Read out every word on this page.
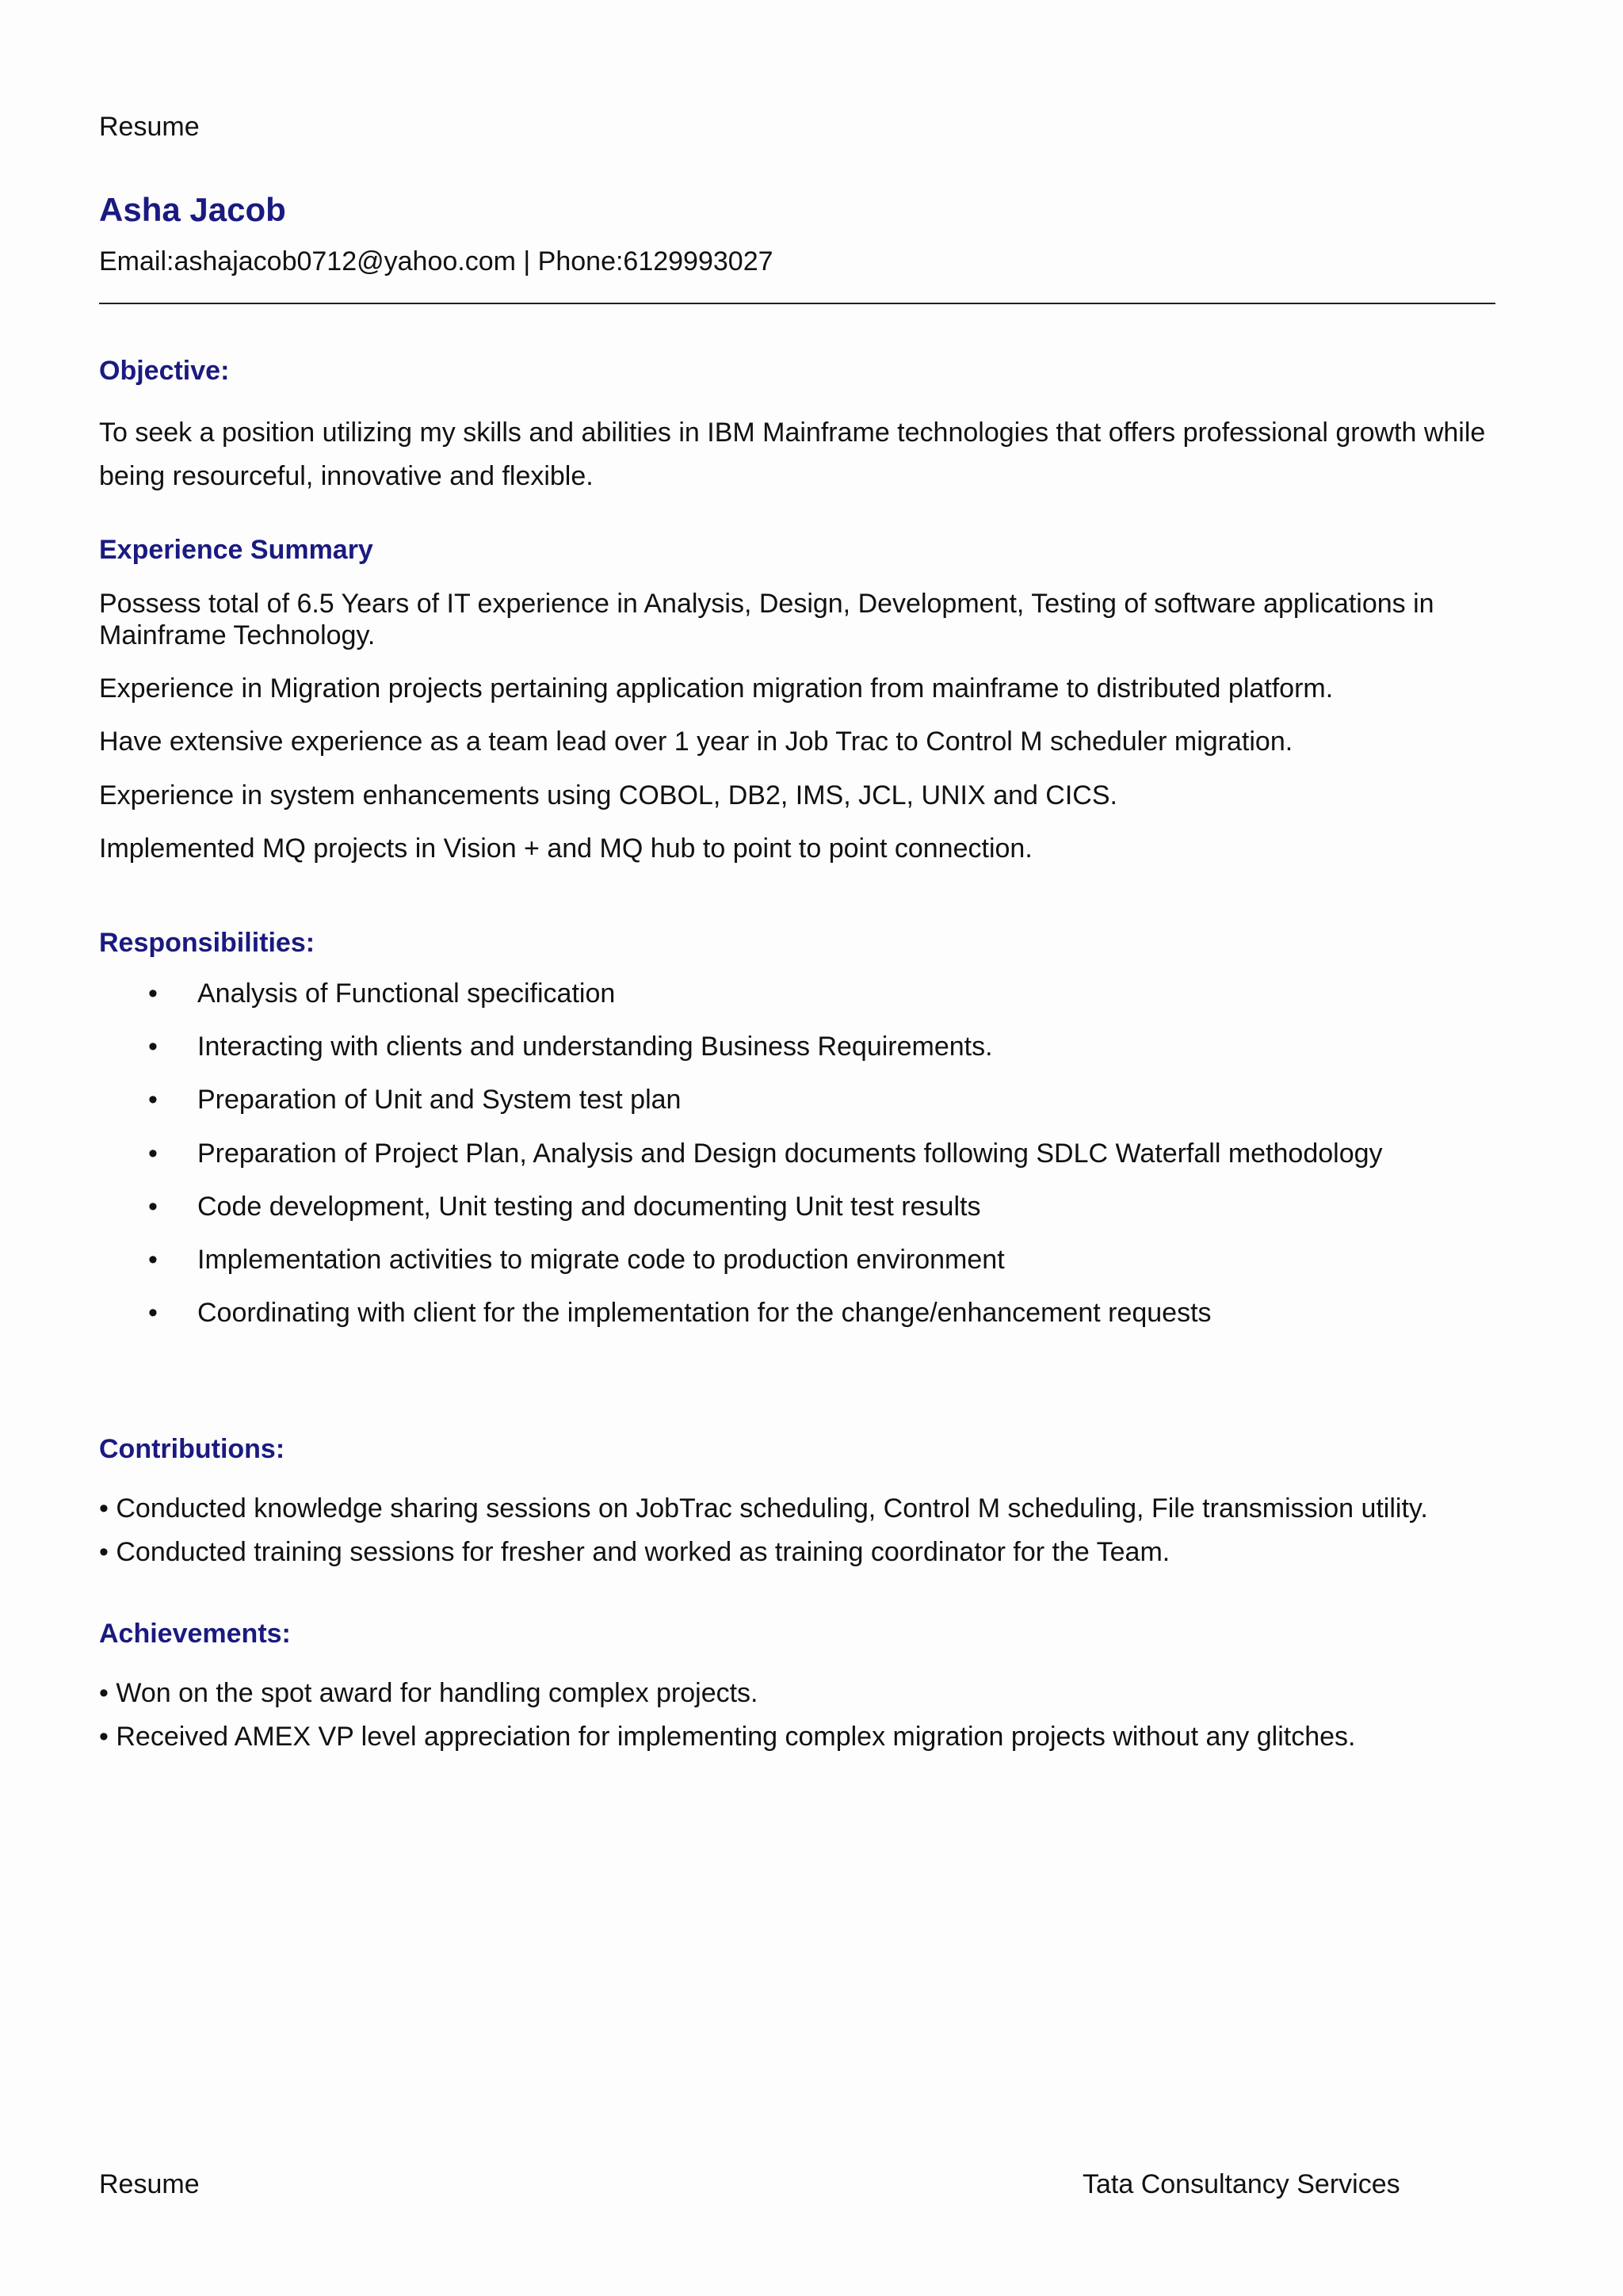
Resume
Asha Jacob
Email:ashajacob0712@yahoo.com | Phone:6129993027
Objective:
To seek a position utilizing my skills and abilities in IBM Mainframe technologies that offers professional growth while being resourceful, innovative and flexible.
Experience Summary
Possess total of 6.5 Years of IT experience in Analysis, Design, Development, Testing of software applications in Mainframe Technology.
Experience in Migration projects pertaining application migration from mainframe to distributed platform.
Have extensive experience as a team lead over 1 year in Job Trac to Control M scheduler migration.
Experience in system enhancements using COBOL, DB2, IMS, JCL, UNIX and CICS.
Implemented MQ projects in Vision + and MQ hub to point to point connection.
Responsibilities:
• Analysis of Functional specification
• Interacting with clients and understanding Business Requirements.
• Preparation of Unit and System test plan
• Preparation of Project Plan, Analysis and Design documents following SDLC Waterfall methodology
• Code development, Unit testing and documenting Unit test results
• Implementation activities to migrate code to production environment
• Coordinating with client for the implementation for the change/enhancement requests
Contributions:
• Conducted knowledge sharing sessions on JobTrac scheduling, Control M scheduling, File transmission utility.
• Conducted training sessions for fresher and worked as training coordinator for the Team.
Achievements:
• Won on the spot award for handling complex projects.
• Received AMEX VP level appreciation for implementing complex migration projects without any glitches.
Resume	Tata Consultancy Services
